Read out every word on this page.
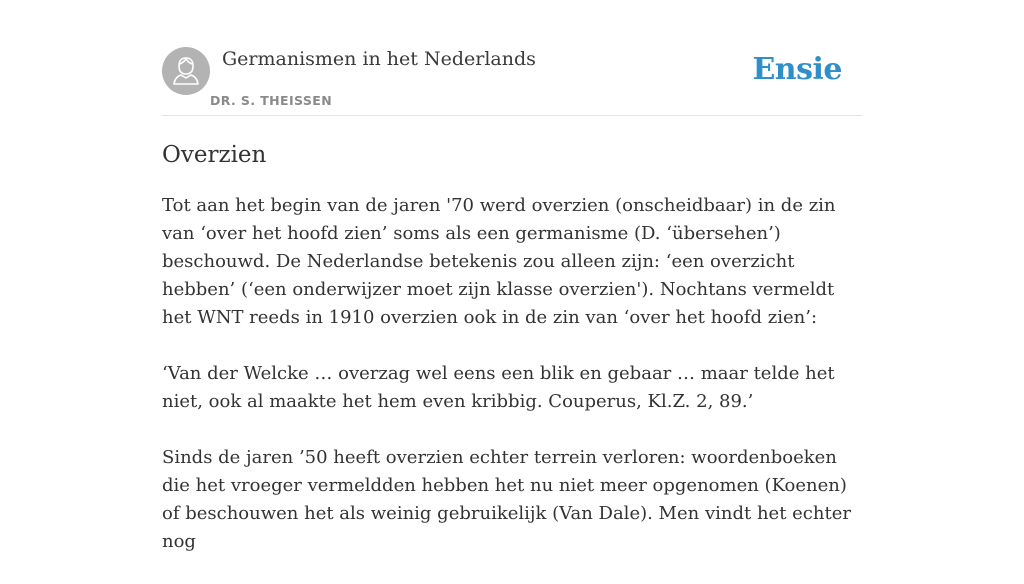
Germanismen in het Nederlands
DR. S. THEISSEN
Ensie
Overzien

Tot aan het begin van de jaren '70 werd overzien (onscheidbaar) in de zin van ‘over het hoofd zien’ soms als een germanisme (D. ‘übersehen’) beschouwd. De Nederlandse betekenis zou alleen zijn: ‘een overzicht hebben’ (‘een onderwijzer moet zijn klasse overzien'). Nochtans vermeldt het WNT reeds in 1910 overzien ook in de zin van ‘over het hoofd zien’:

‘Van der Welcke … overzag wel eens een blik en gebaar … maar telde het niet, ook al maakte het hem even kribbig. Couperus, Kl.Z. 2, 89.’

Sinds de jaren ’50 heeft overzien echter terrein verloren: woordenboeken die het vroeger vermeldden hebben het nu niet meer opgenomen (Koenen) of beschouwen het als weinig gebruikelijk (Van Dale). Men vindt het echter nog
